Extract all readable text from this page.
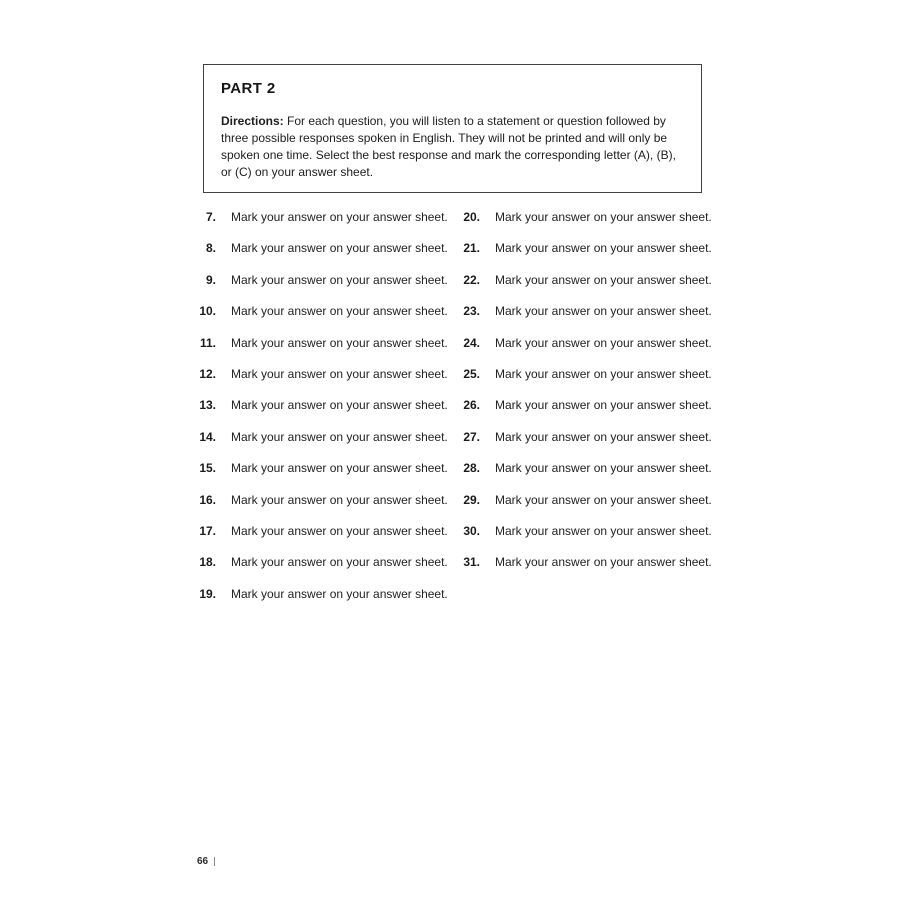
PART 2
Directions: For each question, you will listen to a statement or question followed by three possible responses spoken in English. They will not be printed and will only be spoken one time. Select the best response and mark the corresponding letter (A), (B), or (C) on your answer sheet.
7. Mark your answer on your answer sheet.
8. Mark your answer on your answer sheet.
9. Mark your answer on your answer sheet.
10. Mark your answer on your answer sheet.
11. Mark your answer on your answer sheet.
12. Mark your answer on your answer sheet.
13. Mark your answer on your answer sheet.
14. Mark your answer on your answer sheet.
15. Mark your answer on your answer sheet.
16. Mark your answer on your answer sheet.
17. Mark your answer on your answer sheet.
18. Mark your answer on your answer sheet.
19. Mark your answer on your answer sheet.
20. Mark your answer on your answer sheet.
21. Mark your answer on your answer sheet.
22. Mark your answer on your answer sheet.
23. Mark your answer on your answer sheet.
24. Mark your answer on your answer sheet.
25. Mark your answer on your answer sheet.
26. Mark your answer on your answer sheet.
27. Mark your answer on your answer sheet.
28. Mark your answer on your answer sheet.
29. Mark your answer on your answer sheet.
30. Mark your answer on your answer sheet.
31. Mark your answer on your answer sheet.
66
